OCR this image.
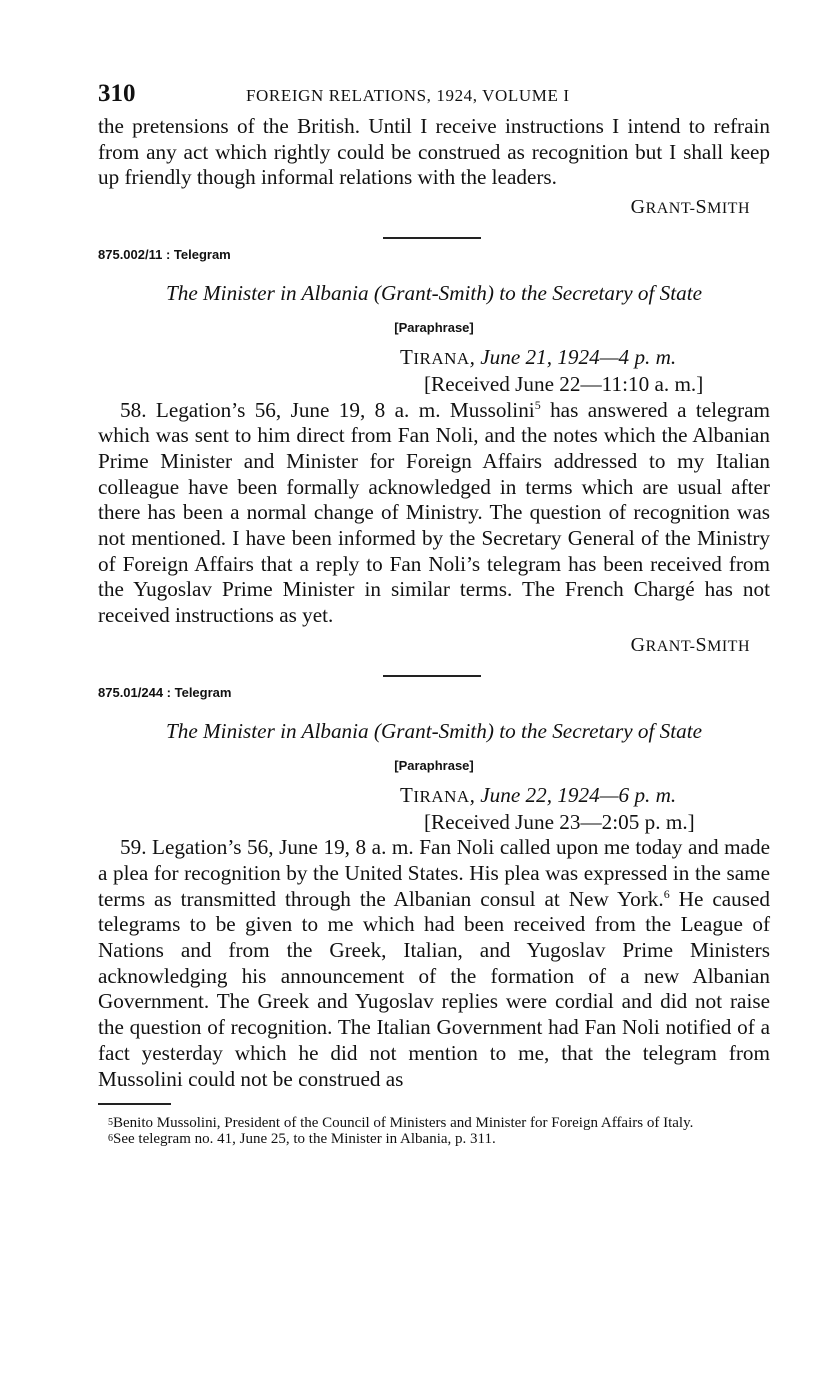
310	FOREIGN RELATIONS, 1924, VOLUME I

the pretensions of the British. Until I receive instructions I intend to refrain from any act which rightly could be construed as recognition but I shall keep up friendly though informal relations with the leaders.

GRANT-SMITH
875.002/11 : Telegram
The Minister in Albania (Grant-Smith) to the Secretary of State
[Paraphrase]
TIRANA, June 21, 1924—4 p. m.
[Received June 22—11:10 a. m.]

58. Legation’s 56, June 19, 8 a. m. Mussolini$^5$ has answered a telegram which was sent to him direct from Fan Noli, and the notes which the Albanian Prime Minister and Minister for Foreign Affairs addressed to my Italian colleague have been formally acknowledged in terms which are usual after there has been a normal change of Ministry. The question of recognition was not mentioned. I have been informed by the Secretary General of the Ministry of Foreign Affairs that a reply to Fan Noli’s telegram has been received from the Yugoslav Prime Minister in similar terms. The French Chargé has not received instructions as yet.

GRANT-SMITH
875.01/244 : Telegram
The Minister in Albania (Grant-Smith) to the Secretary of State
[Paraphrase]
TIRANA, June 22, 1924—6 p. m.
[Received June 23—2:05 p. m.]

59. Legation’s 56, June 19, 8 a. m. Fan Noli called upon me today and made a plea for recognition by the United States. His plea was expressed in the same terms as transmitted through the Albanian consul at New York.$^6$ He caused telegrams to be given to me which had been received from the League of Nations and from the Greek, Italian, and Yugoslav Prime Ministers acknowledging his announcement of the formation of a new Albanian Government. The Greek and Yugoslav replies were cordial and did not raise the question of recognition. The Italian Government had Fan Noli notified of a fact yesterday which he did not mention to me, that the telegram from Mussolini could not be construed as

$^5$Benito Mussolini, President of the Council of Ministers and Minister for Foreign Affairs of Italy.

$^6$See telegram no. 41, June 25, to the Minister in Albania, p. 311.
